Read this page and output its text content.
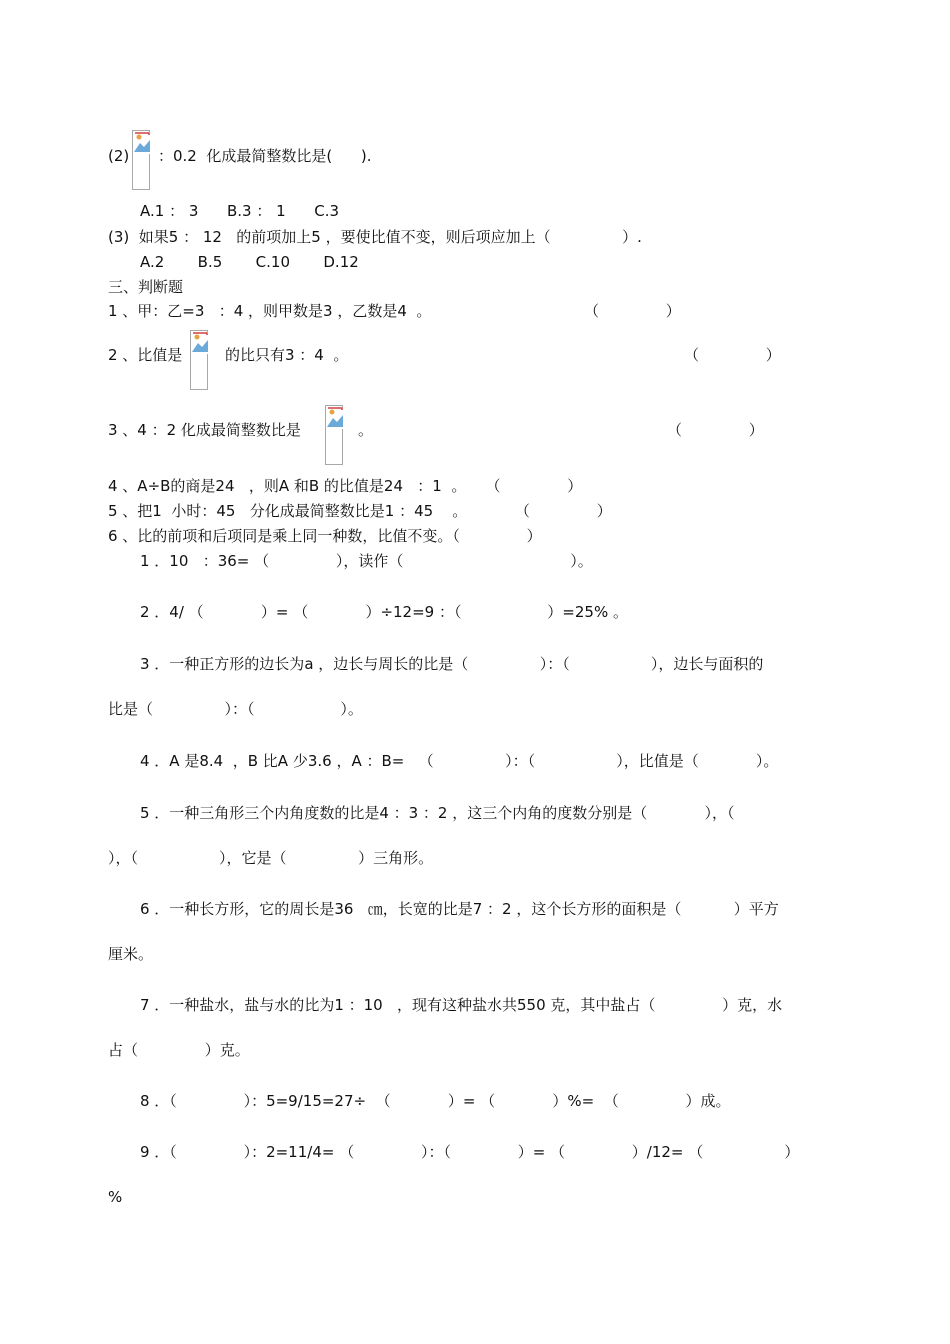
(2) ：0.2  化成最简整数比是(      ).
A.1 ： 3      B.3 ： 1      C.3
(3)  如果5 ： 12   的前项加上5 ，要使比值不变，则后项应加上（               ）.
A.2       B.5       C.10       D.12
三、判断题
1 、甲：乙=3   ：4 ，则甲数是3 ，乙数是4  。	（              ）
2 、比值是	的比只有3 ：4  。	（              ）
3 、4 ：2 化成最简整数比是	。	（              ）
4 、A÷B的商是24   ，则A 和B 的比值是24   ：1  。    （              ）
5 、把1  小时：45   分化成最简整数比是1 ：45    。          （              ）
6 、比的前项和后项同是乘上同一种数，比值不变。（              ）
1 ．10   ：36= （              ），读作（                                   ）。
2 ．4/ （            ）= （            ）÷12=9 ：（                  ）=25% 。
3 ．一种正方形的边长为a ，边长与周长的比是（               ）：（                 ），边长与面积的
比是（               ）：（                  ）。
4 ．A 是8.4  ，B 比A 少3.6 ，A ：B=   （               ）：（                 ），比值是（            ）。
5 ．一种三角形三个内角度数的比是4 ：3 ：2 ，这三个内角的度数分别是（            ），（
），（                 ），它是（               ）三角形。
6 ．一种长方形，它的周长是36   ㎝，长宽的比是7 ：2 ，这个长方形的面积是（           ）平方
厘米。
7 ．一种盐水，盐与水的比为1 ：10   ，现有这种盐水共550 克，其中盐占（              ）克，水
占（              ）克。
8 ．（              ）：5=9/15=27÷  （            ）= （            ）%=  （              ）成。
9 ．（              ）：2=11/4= （              ）：（              ）= （              ）/12= （                 ）
%
